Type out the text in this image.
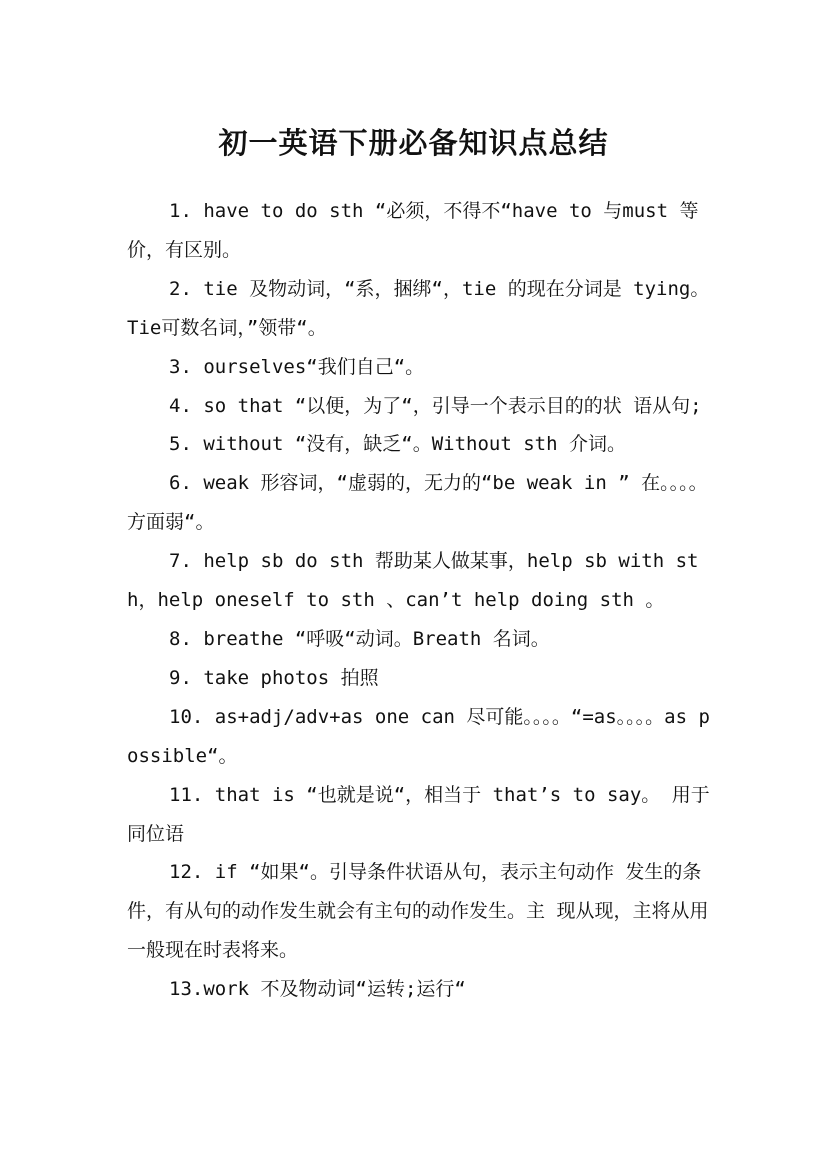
初一英语下册必备知识点总结

1. have to do sth “必须，不得不“have to 与must 等价，有区别。

2. tie 及物动词，“系，捆绑“，tie 的现在分词是 tying。Tie可数名词，”领带“。

3. ourselves“我们自己“。

4. so that “以便，为了“，引导一个表示目的的状 语从句;

5. without “没有，缺乏“。Without sth 介词。

6. weak 形容词，“虚弱的，无力的“be weak in ” 在。。。。方面弱“。

7. help sb do sth 帮助某人做某事，help sb with sth，help oneself to sth 、can’t help doing sth 。

8. breathe “呼吸“动词。Breath 名词。

9. take photos 拍照

10. as+adj/adv+as one can 尽可能。。。。“=as。。。。as possible“。

11. that is “也就是说“，相当于 that’s to say。 用于同位语

12. if “如果“。引导条件状语从句，表示主句动作 发生的条件，有从句的动作发生就会有主句的动作发生。主 现从现，主将从用一般现在时表将来。

13.work 不及物动词“运转;运行“
